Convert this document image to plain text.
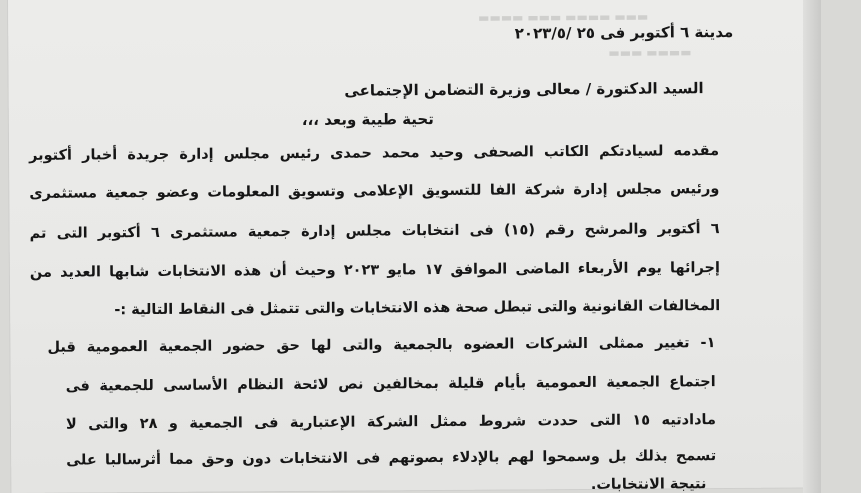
▬▬▬ ▬▬▬▬ ▬▬▬ ▬▬▬▬
▬▬▬▬ ▬▬▬
مدينة ٦ أكتوبر فى ٢٥ /٢٠٢٣/٥
السيد الدكتورة / معالى وزيرة التضامن الإجتماعى
تحية طيبة وبعد ،،،
مقدمه لسيادتكم الكاتب الصحفى وحيد محمد حمدى رئيس مجلس إدارة جريدة أخبار أكتوبر
ورئيس مجلس إدارة شركة الفا للتسويق الإعلامى وتسويق المعلومات وعضو جمعية مستثمرى
٦ أكتوبر والمرشح رقم (١٥) فى انتخابات مجلس إدارة جمعية مستثمرى ٦ أكتوبر التى تم
إجرائها يوم الأربعاء الماضى الموافق ١٧ مايو ٢٠٢٣ وحيث أن هذه الانتخابات شابها العديد من
المخالفات القانونية والتى تبطل صحة هذه الانتخابات والتى تتمثل فى النقاط التالية :-
١- تغيير ممثلى الشركات العضوه بالجمعية والتى لها حق حضور الجمعية العمومية قبل
اجتماع الجمعية العمومية بأيام قليلة بمخالفين نص لائحة النظام الأساسى للجمعية فى
مادادتيه ١٥ التى حددت شروط ممثل الشركة الإعتبارية فى الجمعية و ٢٨ والتى لا
تسمح بذلك بل وسمحوا لهم بالإدلاء بصوتهم فى الانتخابات دون وحق مما أثرسالبا على
نتيجة الانتخابات.
